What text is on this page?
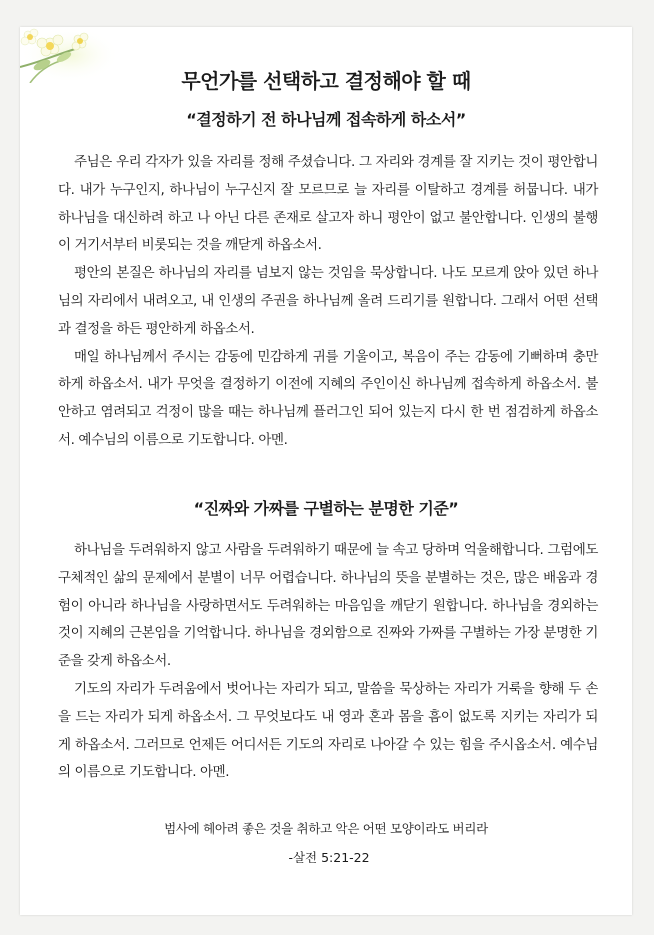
무언가를 선택하고 결정해야 할 때
“결정하기 전 하나님께 접속하게 하소서”

주님은 우리 각자가 있을 자리를 정해 주셨습니다. 그 자리와 경계를 잘 지키는 것이 평안합니다. 내가 누구인지, 하나님이 누구신지 잘 모르므로 늘 자리를 이탈하고 경계를 허뭅니다. 내가 하나님을 대신하려 하고 나 아닌 다른 존재로 살고자 하니 평안이 없고 불안합니다. 인생의 불행이 거기서부터 비롯되는 것을 깨닫게 하옵소서.

평안의 본질은 하나님의 자리를 넘보지 않는 것임을 묵상합니다. 나도 모르게 앉아 있던 하나님의 자리에서 내려오고, 내 인생의 주권을 하나님께 올려 드리기를 원합니다. 그래서 어떤 선택과 결정을 하든 평안하게 하옵소서.

매일 하나님께서 주시는 감동에 민감하게 귀를 기울이고, 복음이 주는 감동에 기뻐하며 충만하게 하옵소서. 내가 무엇을 결정하기 이전에 지혜의 주인이신 하나님께 접속하게 하옵소서. 불안하고 염려되고 걱정이 많을 때는 하나님께 플러그인 되어 있는지 다시 한 번 점검하게 하옵소서. 예수님의 이름으로 기도합니다. 아멘.

“진짜와 가짜를 구별하는 분명한 기준”

하나님을 두려워하지 않고 사람을 두려워하기 때문에 늘 속고 당하며 억울해합니다. 그럼에도 구체적인 삶의 문제에서 분별이 너무 어렵습니다. 하나님의 뜻을 분별하는 것은, 많은 배움과 경험이 아니라 하나님을 사랑하면서도 두려워하는 마음임을 깨닫기 원합니다. 하나님을 경외하는 것이 지혜의 근본임을 기억합니다. 하나님을 경외함으로 진짜와 가짜를 구별하는 가장 분명한 기준을 갖게 하옵소서.

기도의 자리가 두려움에서 벗어나는 자리가 되고, 말씀을 묵상하는 자리가 거룩을 향해 두 손을 드는 자리가 되게 하옵소서. 그 무엇보다도 내 영과 혼과 몸을 흠이 없도록 지키는 자리가 되게 하옵소서. 그러므로 언제든 어디서든 기도의 자리로 나아갈 수 있는 힘을 주시옵소서. 예수님의 이름으로 기도합니다. 아멘.

범사에 헤아려 좋은 것을 취하고 악은 어떤 모양이라도 버리라
-살전 5:21-22
